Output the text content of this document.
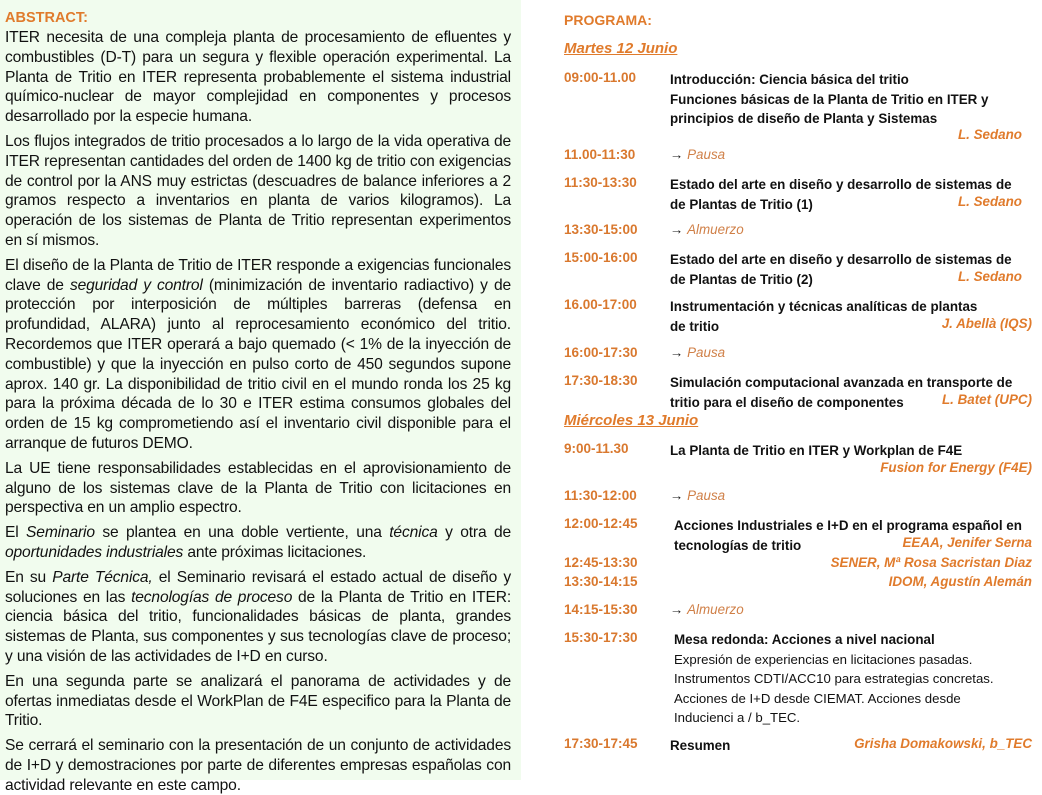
ABSTRACT:

ITER necesita de una compleja planta de procesamiento de efluentes y combustibles (D-T) para un segura y flexible operación experimental. La Planta de Tritio en ITER representa probablemente el sistema industrial químico-nuclear de mayor complejidad en componentes y procesos desarrollado por la especie humana.

Los flujos integrados de tritio procesados a lo largo de la vida operativa de ITER representan cantidades del orden de 1400 kg de tritio con exigencias de control por la ANS muy estrictas (descuadres de balance inferiores a 2 gramos respecto a inventarios en planta de varios kilogramos). La operación de los sistemas de Planta de Tritio representan experimentos en sí mismos.

El diseño de la Planta de Tritio de ITER responde a exigencias funcionales clave de seguridad y control (minimización de inventario radiactivo) y de protección por interposición de múltiples barreras (defensa en profundidad, ALARA) junto al reprocesamiento económico del tritio. Recordemos que ITER operará a bajo quemado (< 1% de la inyección de combustible) y que la inyección en pulso corto de 450 segundos supone aprox. 140 gr. La disponibilidad de tritio civil en el mundo ronda los 25 kg para la próxima década de lo 30 e ITER estima consumos globales del orden de 15 kg comprometiendo así el inventario civil disponible para el arranque de futuros DEMO.

La UE tiene responsabilidades establecidas en el aprovisionamiento de alguno de los sistemas clave de la Planta de Tritio con licitaciones en perspectiva en un amplio espectro.

El Seminario se plantea en una doble vertiente, una técnica y otra de oportunidades industriales ante próximas licitaciones.

En su Parte Técnica, el Seminario revisará el estado actual de diseño y soluciones en las tecnologías de proceso de la Planta de Tritio en ITER: ciencia básica del tritio, funcionalidades básicas de planta, grandes sistemas de Planta, sus componentes y sus tecnologías clave de proceso; y una visión de las actividades de I+D en curso.

En una segunda parte se analizará el panorama de actividades y de ofertas inmediatas desde el WorkPlan de F4E especifico para la Planta de Tritio.

Se cerrará el seminario con la presentación de un conjunto de actividades de I+D y demostraciones por parte de diferentes empresas españolas con actividad relevante en este campo.

PROGRAMA:
Martes 12 Junio
09:00-11.00	Introducción: Ciencia básica del tritio
Funciones básicas de la Planta de Tritio en ITER y
principios de diseño de Planta y Sistemas
L. Sedano
11.00-11:30	→ Pausa
11:30-13:30 Estado del arte en diseño y desarrollo de sistemas de
de Plantas de Tritio (1)	L. Sedano
13:30-15:00 → Almuerzo
15:00-16:00 Estado del arte en diseño y desarrollo de sistemas de
de Plantas de Tritio (2)	L. Sedano
16.00-17:00 Instrumentación y técnicas analíticas de plantas
de tritio	J. Abellà (IQS)
16:00-17:30 → Pausa
17:30-18:30 Simulación computacional avanzada en transporte de
tritio para el diseño de componentes	L. Batet (UPC)
Miércoles 13 Junio
9:00-11.30	La Planta de Tritio en ITER y Workplan de F4E
Fusion for Energy (F4E)
11:30-12:00 → Pausa
12:00-12:45	Acciones Industriales e I+D en el programa español en
tecnologías de tritio	EEAA, Jenifer Serna
12:45-13:30	SENER, Mª Rosa Sacristan Diaz
13:30-14:15	IDOM, Agustín Alemán
14:15-15:30 → Almuerzo
15:30-17:30	Mesa redonda: Acciones a nivel nacional
Expresión de experiencias en licitaciones pasadas.
Instrumentos CDTI/ACC10 para estrategias concretas.
Acciones de I+D desde CIEMAT. Acciones desde
Inducienci a / b_TEC.
17:30-17:45 Resumen	Grisha Domakowski, b_TEC
